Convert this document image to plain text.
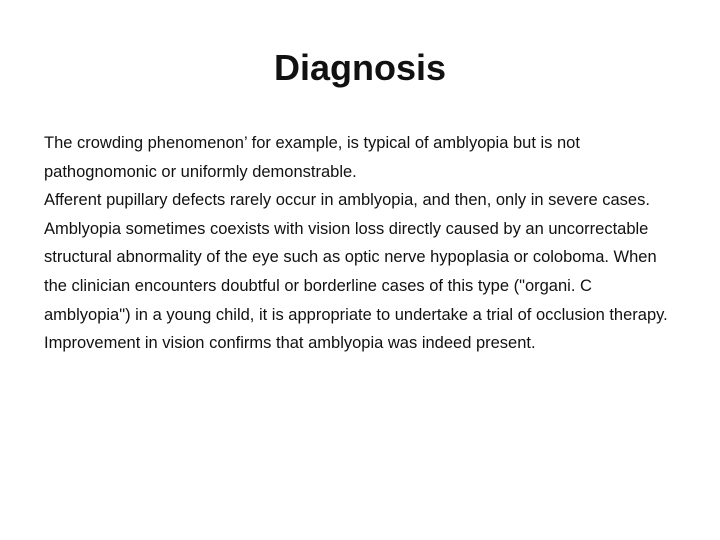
Diagnosis

The crowding phenomenon’ for example, is typical of amblyopia but is not pathognomonic or uniformly demonstrable.

Afferent pupillary defects rarely occur in amblyopia, and then, only in severe cases. Amblyopia sometimes coexists with vision loss directly caused by an uncorrectable structural abnormality of the eye such as optic nerve hypoplasia or coloboma. When the clinician encounters doubtful or borderline cases of this type ("organi. C amblyopia") in a young child, it is appropriate to undertake a trial of occlusion therapy. Improvement in vision confirms that amblyopia was indeed present.
